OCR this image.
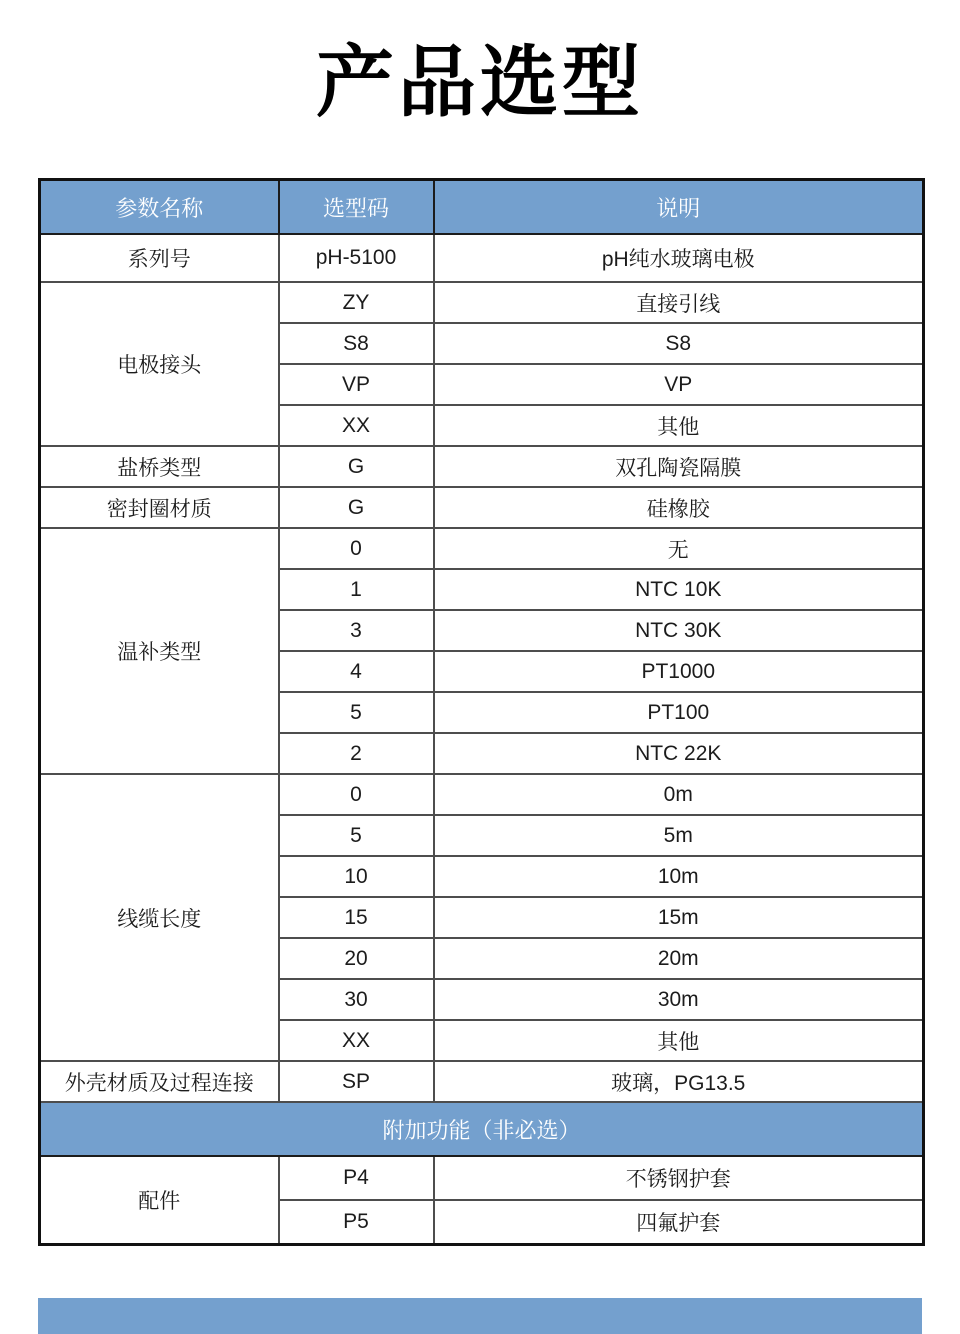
产品选型
参数名称	选型码	说明
系列号	pH-5100	pH纯水玻璃电极
电极接头	ZY	直接引线
	S8	S8
	VP	VP
	XX	其他
盐桥类型	G	双孔陶瓷隔膜
密封圈材质	G	硅橡胶
温补类型	0	无
	1	NTC 10K
	3	NTC 30K
	4	PT1000
	5	PT100
	2	NTC 22K
线缆长度	0	0m
	5	5m
	10	10m
	15	15m
	20	20m
	30	30m
	XX	其他
外壳材质及过程连接	SP	玻璃，PG13.5
附加功能（非必选）		
配件	P4	不锈钢护套
	P5	四氟护套
